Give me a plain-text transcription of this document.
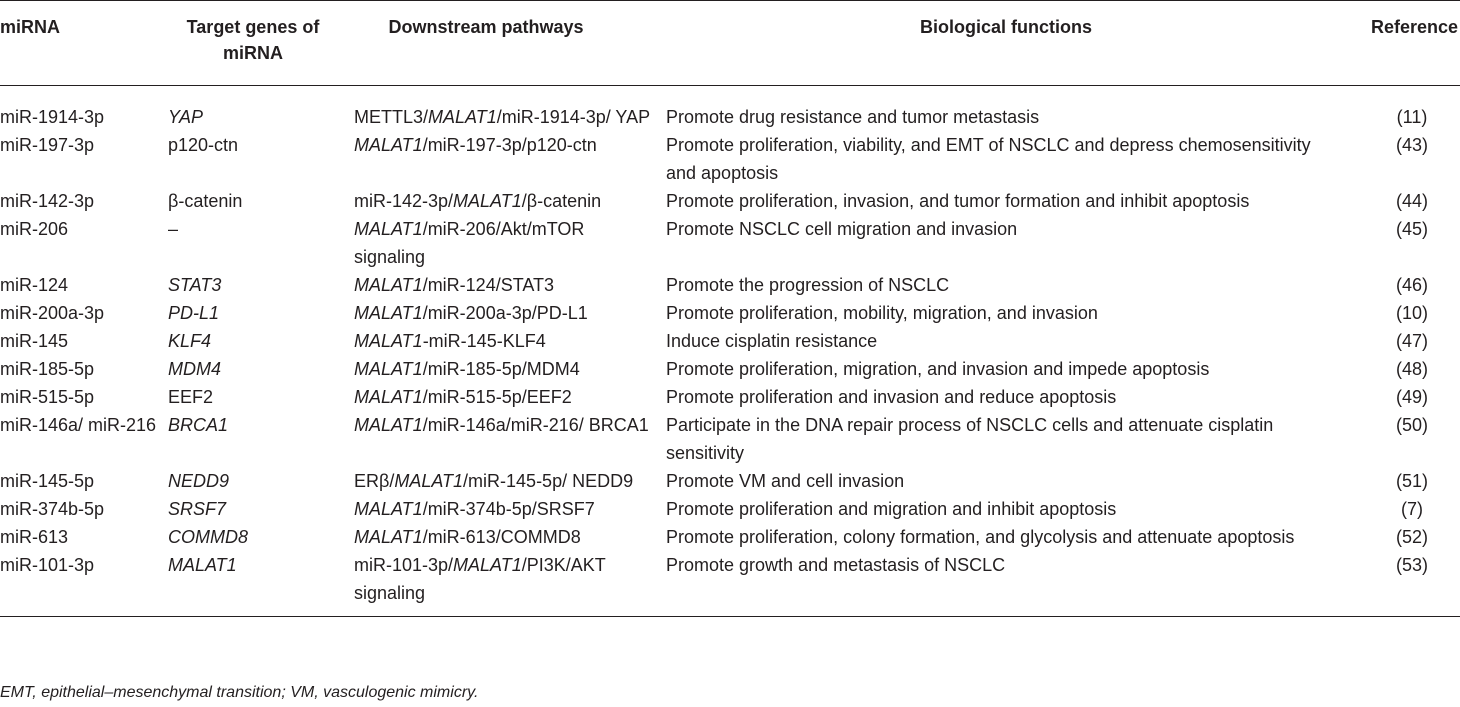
miRNA	Target genes of miRNA	Downstream pathways	Biological functions	Reference
miR-1914-3p	YAP	METTL3/MALAT1/miR-1914-3p/ YAP	Promote drug resistance and tumor metastasis	(11)
miR-197-3p	p120-ctn	MALAT1/miR-197-3p/p120-ctn	Promote proliferation, viability, and EMT of NSCLC and depress chemosensitivity and apoptosis	(43)
miR-142-3p	β-catenin	miR-142-3p/MALAT1/β-catenin	Promote proliferation, invasion, and tumor formation and inhibit apoptosis	(44)
miR-206	–	MALAT1/miR-206/Akt/mTOR signaling	Promote NSCLC cell migration and invasion	(45)
miR-124	STAT3	MALAT1/miR-124/STAT3	Promote the progression of NSCLC	(46)
miR-200a-3p	PD-L1	MALAT1/miR-200a-3p/PD-L1	Promote proliferation, mobility, migration, and invasion	(10)
miR-145	KLF4	MALAT1-miR-145-KLF4	Induce cisplatin resistance	(47)
miR-185-5p	MDM4	MALAT1/miR-185-5p/MDM4	Promote proliferation, migration, and invasion and impede apoptosis	(48)
miR-515-5p	EEF2	MALAT1/miR-515-5p/EEF2	Promote proliferation and invasion and reduce apoptosis	(49)
miR-146a/ miR-216	BRCA1	MALAT1/miR-146a/miR-216/ BRCA1	Participate in the DNA repair process of NSCLC cells and attenuate cisplatin sensitivity	(50)
miR-145-5p	NEDD9	ERβ/MALAT1/miR-145-5p/ NEDD9	Promote VM and cell invasion	(51)
miR-374b-5p	SRSF7	MALAT1/miR-374b-5p/SRSF7	Promote proliferation and migration and inhibit apoptosis	(7)
miR-613	COMMD8	MALAT1/miR-613/COMMD8	Promote proliferation, colony formation, and glycolysis and attenuate apoptosis	(52)
miR-101-3p	MALAT1	miR-101-3p/MALAT1/PI3K/AKT signaling	Promote growth and metastasis of NSCLC	(53)
EMT, epithelial–mesenchymal transition; VM, vasculogenic mimicry.
